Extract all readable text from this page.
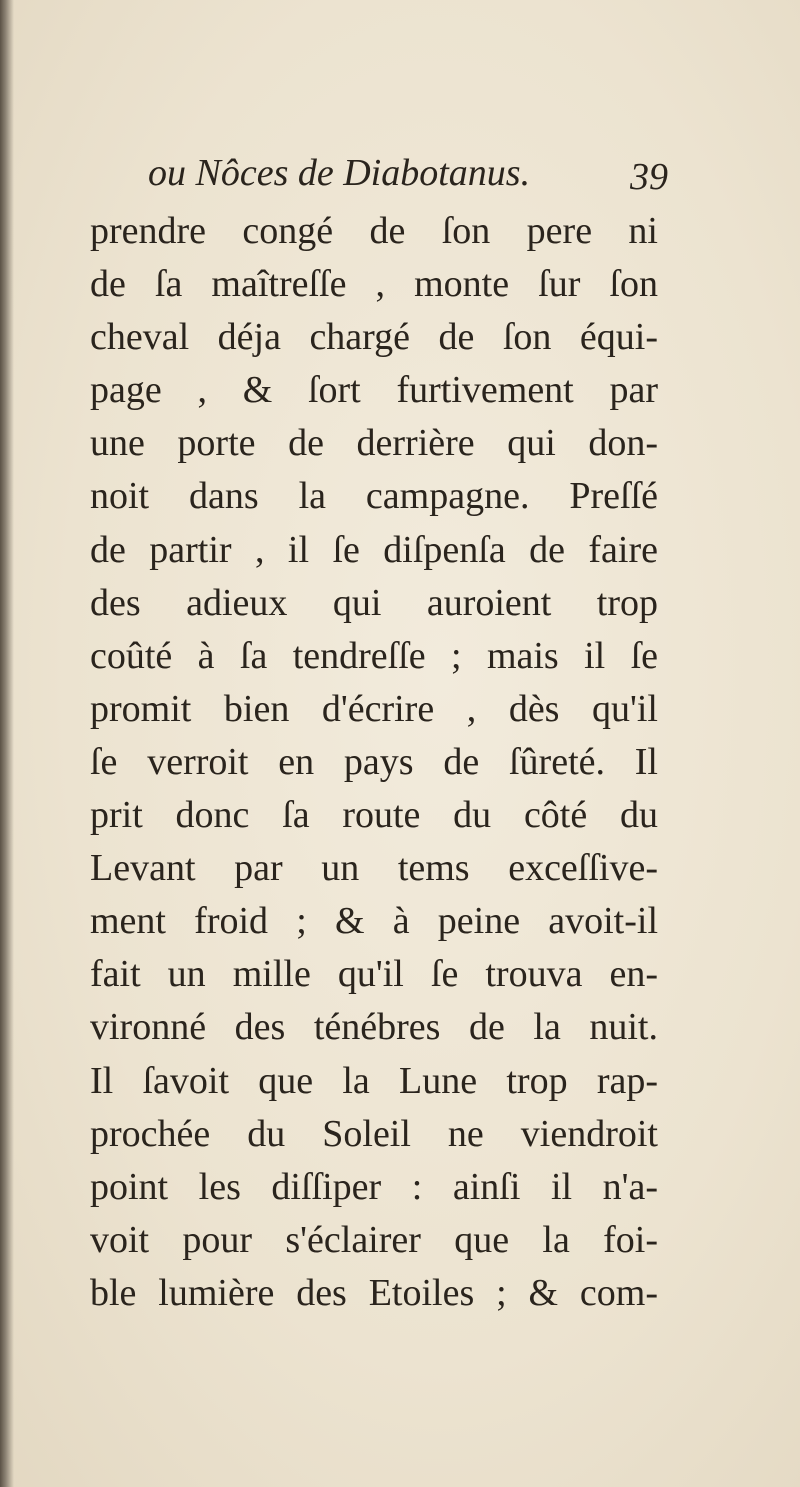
ou Nôces de Diabotanus.	39
prendre congé de ſon pere ni
de ſa maîtreſſe , monte ſur ſon
cheval déja chargé de ſon équi-
page , & ſort furtivement par
une porte de derrière qui don-
noit dans la campagne. Preſſé
de partir , il ſe diſpenſa de faire
des adieux qui auroient trop
coûté à ſa tendreſſe ; mais il ſe
promit bien d'écrire , dès qu'il
ſe verroit en pays de ſûreté. Il
prit donc ſa route du côté du
Levant par un tems exceſſive-
ment froid ; & à peine avoit-il
fait un mille qu'il ſe trouva en-
vironné des ténébres de la nuit.
Il ſavoit que la Lune trop rap-
prochée du Soleil ne viendroit
point les diſſiper : ainſi il n'a-
voit pour s'éclairer que la foi-
ble lumière des Etoiles ; & com-
